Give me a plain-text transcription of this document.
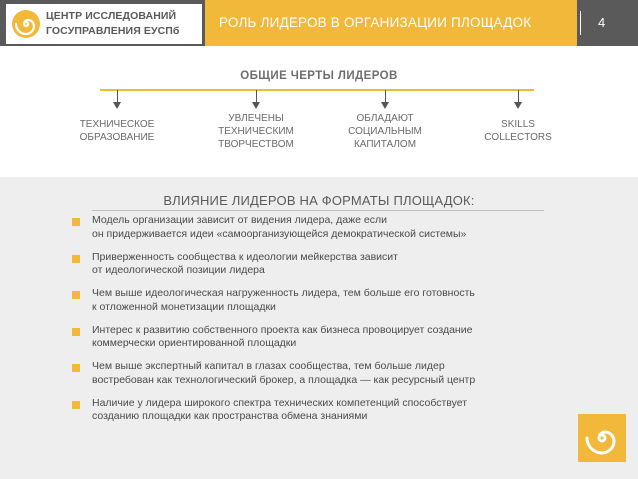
ЦЕНТР ИССЛЕДОВАНИЙ
ГОСУПРАВЛЕНИЯ ЕУСПб
РОЛЬ ЛИДЕРОВ В ОРГАНИЗАЦИИ ПЛОЩАДОК	4
ОБЩИЕ ЧЕРТЫ ЛИДЕРОВ
ТЕХНИЧЕСКОЕ
ОБРАЗОВАНИЕ
УВЛЕЧЕНЫ
ТЕХНИЧЕСКИМ
ТВОРЧЕСТВОМ
ОБЛАДАЮТ
СОЦИАЛЬНЫМ
КАПИТАЛОМ
SKILLS
COLLECTORS
ВЛИЯНИЕ ЛИДЕРОВ НА ФОРМАТЫ ПЛОЩАДОК:
Модель организации зависит от видения лидера, даже если
он придерживается идеи «самоорганизующейся демократической системы»
Приверженность сообщества к идеологии мейкерства зависит
от идеологической позиции лидера
Чем выше идеологическая нагруженность лидера, тем больше его готовность
к отложенной монетизации площадки
Интерес к развитию собственного проекта как бизнеса провоцирует создание
коммерчески ориентированной площадки
Чем выше экспертный капитал в глазах сообщества, тем больше лидер
востребован как технологический брокер, а площадка — как ресурсный центр
Наличие у лидера широкого спектра технических компетенций способствует
созданию площадки как пространства обмена знаниями
